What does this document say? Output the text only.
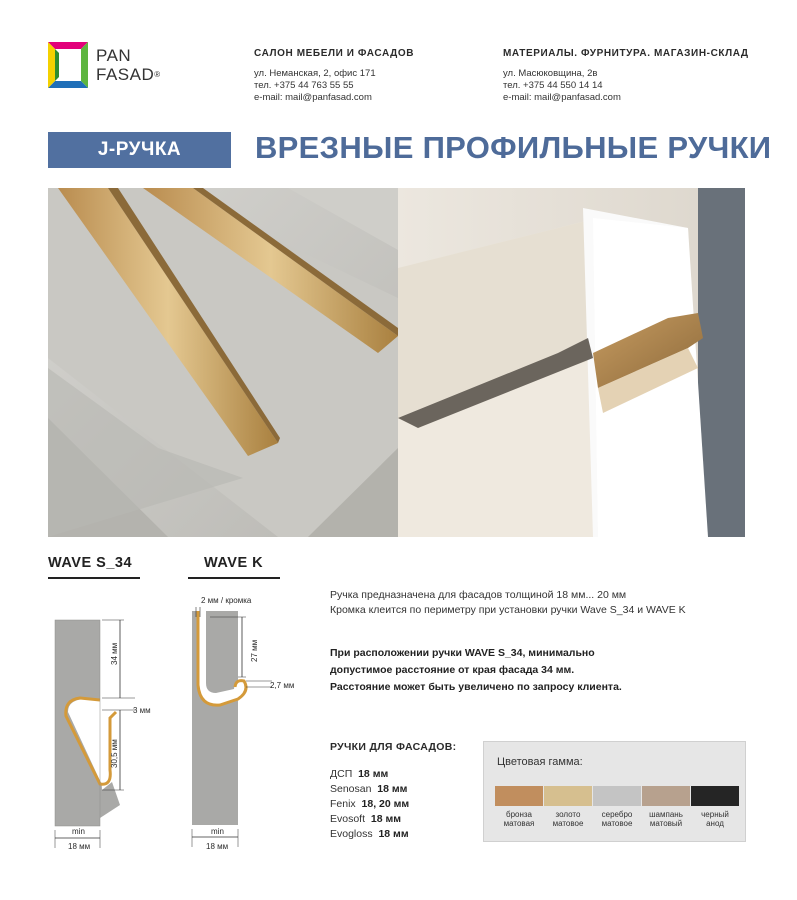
PAN
FASAD®
САЛОН МЕБЕЛИ И ФАСАДОВ
ул. Неманская, 2, офис 171
тел. +375 44 763 55 55
e-mail: mail@panfasad.com
МАТЕРИАЛЫ. ФУРНИТУРА. МАГАЗИН-СКЛАД
ул. Масюковщина, 2в
тел. +375 44 550 14 14
e-mail: mail@panfasad.com
J-РУЧКА	ВРЕЗНЫЕ ПРОФИЛЬНЫЕ РУЧКИ
WAVE S_34
34 мм
3 мм
30,5 мм
min
18 мм
WAVE K
2 мм / кромка
27 мм
2,7 мм
min
18 мм
Ручка предназначена для фасадов толщиной 18 мм... 20 мм
Кромка клеится по периметру при установки ручки Wave S_34 и WAVE K
При расположении ручки WAVE S_34, минимально
допустимое расстояние от края фасада 34 мм.
Расстояние может быть увеличено по запросу клиента.
РУЧКИ ДЛЯ ФАСАДОВ:
ДСП 18 мм
Senosan 18 мм
Fenix 18, 20 мм
Evosoft 18 мм
Evogloss 18 мм
Цветовая гамма:
бронза
матовая
золото
матовое
серебро
матовое
шампань
матовый
черный
анод
